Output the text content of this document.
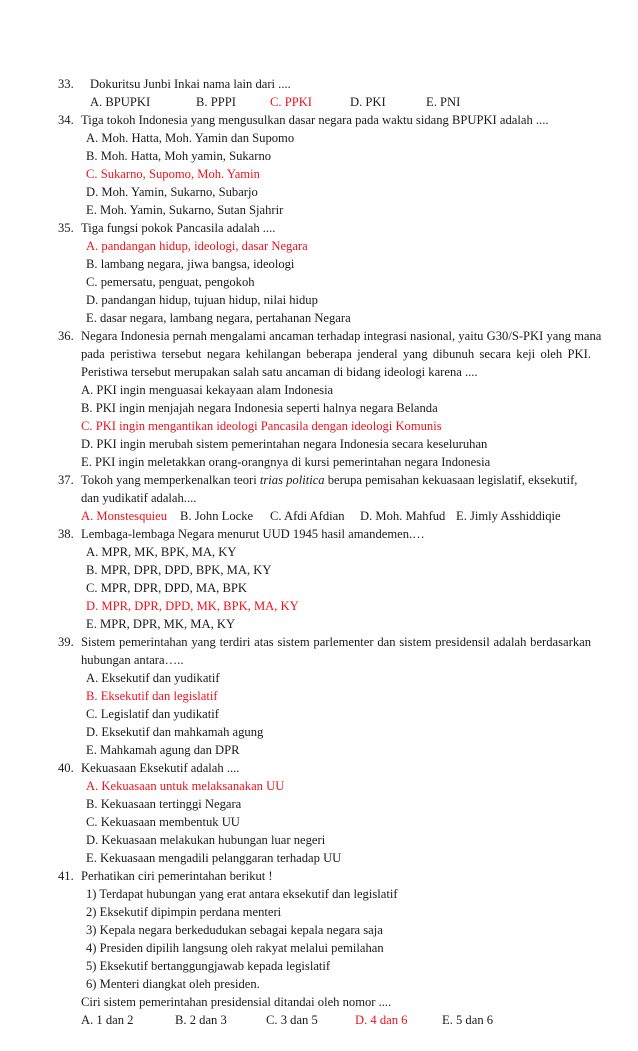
33. Dokuritsu Junbi Inkai nama lain dari ....
A. BPUPKI	B. PPPI	C. PPKI	D. PKI	E. PNI
34. Tiga tokoh Indonesia yang mengusulkan dasar negara pada waktu sidang BPUPKI adalah ....
A. Moh. Hatta, Moh. Yamin dan Supomo
B. Moh. Hatta, Moh yamin, Sukarno
C. Sukarno, Supomo, Moh. Yamin
D. Moh. Yamin, Sukarno, Subarjo
E. Moh. Yamin, Sukarno, Sutan Sjahrir
35. Tiga fungsi pokok Pancasila adalah ....
A. pandangan hidup, ideologi, dasar Negara
B. lambang negara, jiwa bangsa, ideologi
C. pemersatu, penguat, pengokoh
D. pandangan hidup, tujuan hidup, nilai hidup
E. dasar negara, lambang negara, pertahanan Negara
36. Negara Indonesia pernah mengalami ancaman terhadap integrasi nasional, yaitu G30/S-PKI yang mana
pada peristiwa tersebut negara kehilangan beberapa jenderal yang dibunuh secara keji oleh PKI.
Peristiwa tersebut merupakan salah satu ancaman di bidang ideologi karena ....
A. PKI ingin menguasai kekayaan alam Indonesia
B. PKI ingin menjajah negara Indonesia seperti halnya negara Belanda
C. PKI ingin mengantikan ideologi Pancasila dengan ideologi Komunis
D. PKI ingin merubah sistem pemerintahan negara Indonesia secara keseluruhan
E. PKI ingin meletakkan orang-orangnya di kursi pemerintahan negara Indonesia
37. Tokoh yang memperkenalkan teori trias politica berupa pemisahan kekuasaan legislatif, eksekutif,
dan yudikatif adalah....
A. Monstesquieu B. John Locke C. Afdi Afdian D. Moh. Mahfud E. Jimly Asshiddiqie
38. Lembaga-lembaga Negara menurut UUD 1945 hasil amandemen.…
A. MPR, MK, BPK, MA, KY
B. MPR, DPR, DPD, BPK, MA, KY
C. MPR, DPR, DPD, MA, BPK
D. MPR, DPR, DPD, MK, BPK, MA, KY
E. MPR, DPR, MK, MA, KY
39. Sistem pemerintahan yang terdiri atas sistem parlementer dan sistem presidensil adalah berdasarkan
hubungan antara…..
A. Eksekutif dan yudikatif
B. Eksekutif dan legislatif
C. Legislatif dan yudikatif
D. Eksekutif dan mahkamah agung
E. Mahkamah agung dan DPR
40. Kekuasaan Eksekutif adalah ....
A. Kekuasaan untuk melaksanakan UU
B. Kekuasaan tertinggi Negara
C. Kekuasaan membentuk UU
D. Kekuasaan melakukan hubungan luar negeri
E. Kekuasaan mengadili pelanggaran terhadap UU
41. Perhatikan ciri pemerintahan berikut !
1) Terdapat hubungan yang erat antara eksekutif dan legislatif
2) Eksekutif dipimpin perdana menteri
3) Kepala negara berkedudukan sebagai kepala negara saja
4) Presiden dipilih langsung oleh rakyat melalui pemilahan
5) Eksekutif bertanggungjawab kepada legislatif
6) Menteri diangkat oleh presiden.
Ciri sistem pemerintahan presidensial ditandai oleh nomor ....
A. 1 dan 2	B. 2 dan 3	C. 3 dan 5	D. 4 dan 6	E. 5 dan 6
